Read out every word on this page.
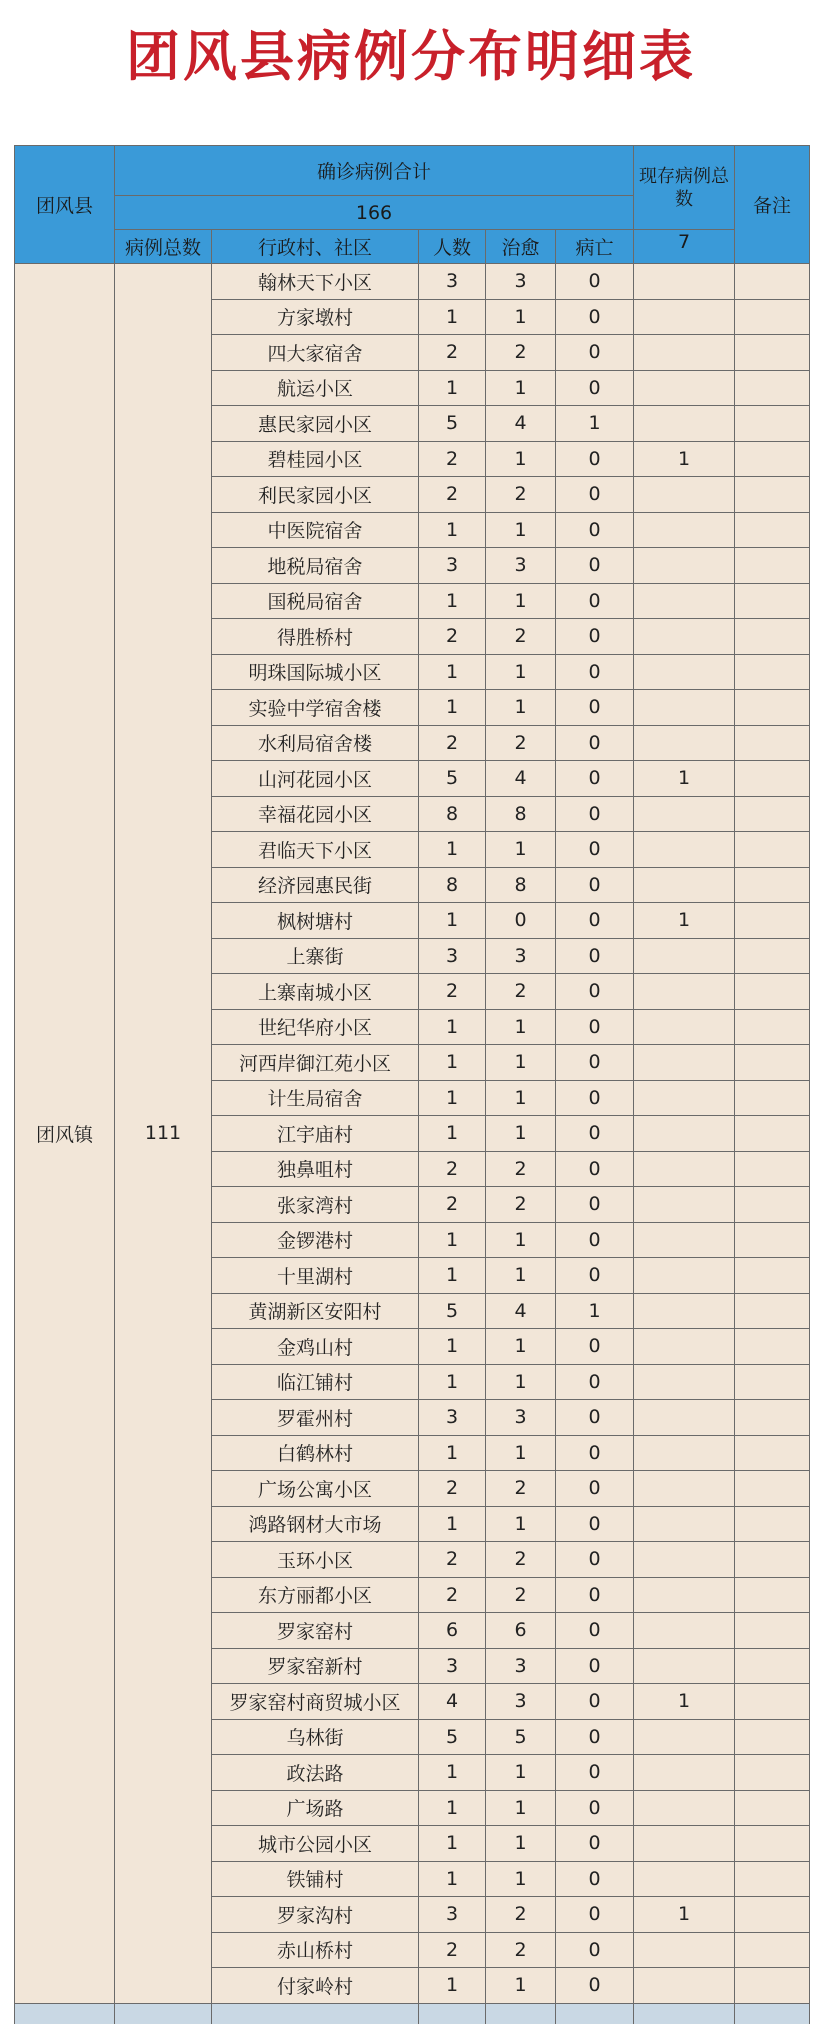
团风县病例分布明细表
团风县	确诊病例合计					现存病例总数	备注
	166						
	病例总数	行政村、社区	人数	治愈	病亡	7	
团风镇	111	翰林天下小区	3	3	0		
		方家墩村	1	1	0		
		四大家宿舍	2	2	0		
		航运小区	1	1	0		
		惠民家园小区	5	4	1		
		碧桂园小区	2	1	0	1	
		利民家园小区	2	2	0		
		中医院宿舍	1	1	0		
		地税局宿舍	3	3	0		
		国税局宿舍	1	1	0		
		得胜桥村	2	2	0		
		明珠国际城小区	1	1	0		
		实验中学宿舍楼	1	1	0		
		水利局宿舍楼	2	2	0		
		山河花园小区	5	4	0	1	
		幸福花园小区	8	8	0		
		君临天下小区	1	1	0		
		经济园惠民街	8	8	0		
		枫树塘村	1	0	0	1	
		上寨街	3	3	0		
		上寨南城小区	2	2	0		
		世纪华府小区	1	1	0		
		河西岸御江苑小区	1	1	0		
		计生局宿舍	1	1	0		
		江宇庙村	1	1	0		
		独鼻咀村	2	2	0		
		张家湾村	2	2	0		
		金锣港村	1	1	0		
		十里湖村	1	1	0		
		黄湖新区安阳村	5	4	1		
		金鸡山村	1	1	0		
		临江铺村	1	1	0		
		罗霍州村	3	3	0		
		白鹤林村	1	1	0		
		广场公寓小区	2	2	0		
		鸿路钢材大市场	1	1	0		
		玉环小区	2	2	0		
		东方丽都小区	2	2	0		
		罗家窑村	6	6	0		
		罗家窑新村	3	3	0		
		罗家窑村商贸城小区	4	3	0	1	
		乌林街	5	5	0		
		政法路	1	1	0		
		广场路	1	1	0		
		城市公园小区	1	1	0		
		铁铺村	1	1	0		
		罗家沟村	3	2	0	1	
		赤山桥村	2	2	0		
		付家岭村	1	1	0		
